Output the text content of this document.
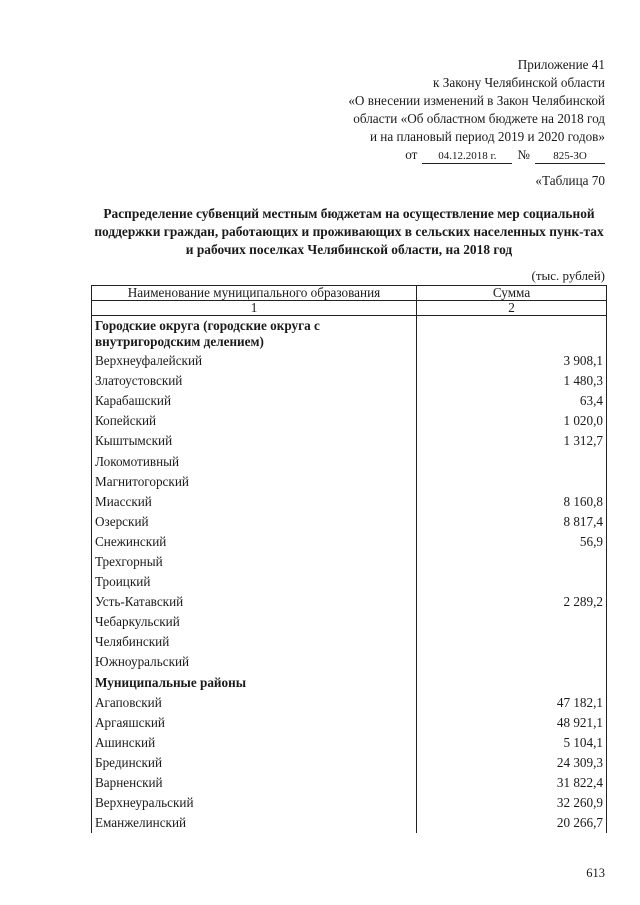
Приложение 41
к Закону Челябинской области
«О внесении изменений в Закон Челябинской
области «Об областном бюджете на 2018 год
и на плановый период 2019 и 2020 годов»
от	04.12.2018 г.	№	825-ЗО
«Таблица 70
Распределение субвенций местным бюджетам на осуществление мер социальной поддержки граждан, работающих и проживающих в сельских населенных пунк-тах и рабочих поселках Челябинской области, на 2018 год
(тыс. рублей)
Наименование муниципального образования	Сумма
1	2
Городские округа (городские округа с внутригородским делением)	
Верхнеуфалейский	3 908,1
Златоустовский	1 480,3
Карабашский	63,4
Копейский	1 020,0
Кыштымский	1 312,7
Локомотивный	
Магнитогорский	
Миасский	8 160,8
Озерский	8 817,4
Снежинский	56,9
Трехгорный	
Троицкий	
Усть-Катавский	2 289,2
Чебаркульский	
Челябинский	
Южноуральский	
Муниципальные районы	
Агаповский	47 182,1
Аргаяшский	48 921,1
Ашинский	5 104,1
Брединский	24 309,3
Варненский	31 822,4
Верхнеуральский	32 260,9
Еманжелинский	20 266,7
613
